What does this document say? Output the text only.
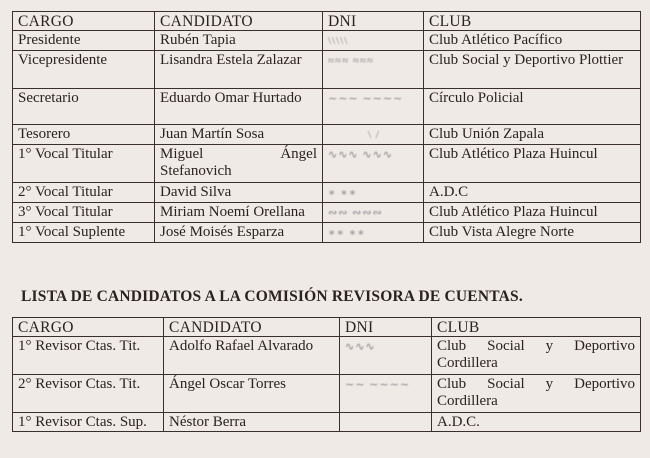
CARGO	CANDIDATO	DNI	CLUB
Presidente	Rubén Tapia	\\\\\	Club Atlético Pacífico
Vicepresidente	Lisandra Estela Zalazar	≈≈≈ ≈≈≈	Club Social y Deportivo Plottier
Secretario	Eduardo Omar Hurtado	∼∼∼ ∼∼∼∼	Círculo Policial
Tesorero	Juan Martín Sosa	\ /	Club Unión Zapala
1° Vocal Titular	Miguel Ángel Stefanovich	∿∿∿ ∿∿∿	Club Atlético Plaza Huincul
2° Vocal Titular	David Silva	∗ ∗∗	A.D.C
3° Vocal Titular	Miriam Noemí Orellana	∾∾ ∾∾∾	Club Atlético Plaza Huincul
1° Vocal Suplente	José Moisés Esparza	∗∗ ∗∗	Club Vista Alegre Norte
LISTA DE CANDIDATOS A LA COMISIÓN REVISORA DE CUENTAS.
CARGO	CANDIDATO	DNI	CLUB
1° Revisor Ctas. Tit.	Adolfo Rafael Alvarado	∿∿∿	Club Social y Deportivo Cordillera
2° Revisor Ctas. Tit.	Ángel Oscar Torres	∼∼ ∼∼∼∼	Club Social y Deportivo Cordillera
1° Revisor Ctas. Sup.	Néstor Berra		A.D.C.
